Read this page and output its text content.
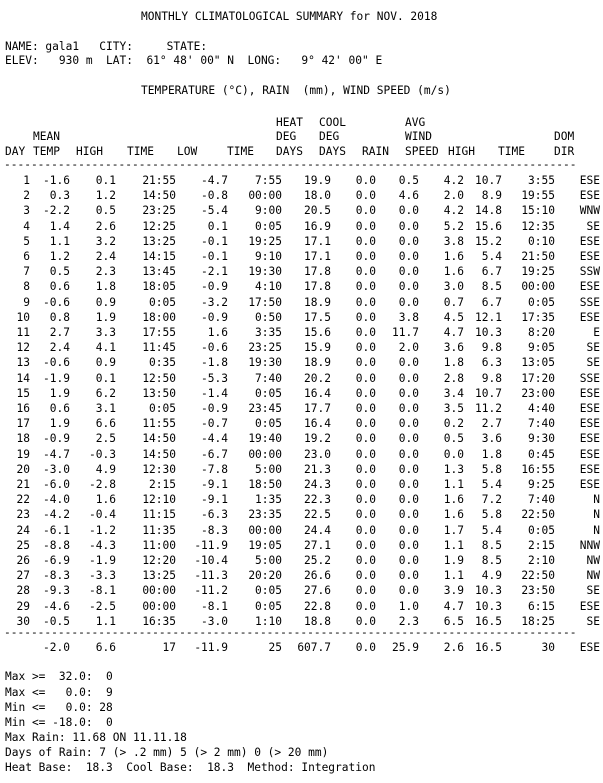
MONTHLY CLIMATOLOGICAL SUMMARY for NOV. 2018
NAME: gala1   CITY:     STATE:
ELEV:   930 m  LAT:  61° 48' 00" N  LONG:   9° 42' 00" E
TEMPERATURE (°C), RAIN  (mm), WIND SPEED (m/s)
HEAT COOL	AVG
MEAN	DEG DEG	WIND	DOM
DAY TEMP HIGH TIME LOW	TIME DAYS DAYS RAIN SPEED HIGH TIME	DIR
-------------------------------------------------------------------------------------
1	-1.6	0.1	21:55	-4.7	7:55	19.9	0.0	0.5	4.2	10.7	3:55	ESE
2	0.3	1.2	14:50	-0.8	00:00	18.0	0.0	4.6	2.0	8.9	19:55	ESE
3	-2.2	0.5	23:25	-5.4	9:00	20.5	0.0	0.0	4.2	14.8	15:10	WNW
4	1.4	2.6	12:25	0.1	0:05	16.9	0.0	0.0	5.2	15.6	12:35	SE
5	1.1	3.2	13:25	-0.1	19:25	17.1	0.0	0.0	3.8	15.2	0:10	ESE
6	1.2	2.4	14:15	-0.1	9:10	17.1	0.0	0.0	1.6	5.4	21:50	ESE
7	0.5	2.3	13:45	-2.1	19:30	17.8	0.0	0.0	1.6	6.7	19:25	SSW
8	0.6	1.8	18:05	-0.9	4:10	17.8	0.0	0.0	3.0	8.5	00:00	ESE
9	-0.6	0.9	0:05	-3.2	17:50	18.9	0.0	0.0	0.7	6.7	0:05	SSE
10	0.8	1.9	18:00	-0.9	0:50	17.5	0.0	3.8	4.5	12.1	17:35	ESE
11	2.7	3.3	17:55	1.6	3:35	15.6	0.0	11.7	4.7	10.3	8:20	E
12	2.4	4.1	11:45	-0.6	23:25	15.9	0.0	2.0	3.6	9.8	9:05	SE
13	-0.6	0.9	0:35	-1.8	19:30	18.9	0.0	0.0	1.8	6.3	13:05	SE
14	-1.9	0.1	12:50	-5.3	7:40	20.2	0.0	0.0	2.8	9.8	17:20	SSE
15	1.9	6.2	13:50	-1.4	0:05	16.4	0.0	0.0	3.4	10.7	23:00	ESE
16	0.6	3.1	0:05	-0.9	23:45	17.7	0.0	0.0	3.5	11.2	4:40	ESE
17	1.9	6.6	11:55	-0.7	0:05	16.4	0.0	0.0	0.2	2.7	7:40	ESE
18	-0.9	2.5	14:50	-4.4	19:40	19.2	0.0	0.0	0.5	3.6	9:30	ESE
19	-4.7	-0.3	14:50	-6.7	00:00	23.0	0.0	0.0	0.0	1.8	0:45	ESE
20	-3.0	4.9	12:30	-7.8	5:00	21.3	0.0	0.0	1.3	5.8	16:55	ESE
21	-6.0	-2.8	2:15	-9.1	18:50	24.3	0.0	0.0	1.1	5.4	9:25	ESE
22	-4.0	1.6	12:10	-9.1	1:35	22.3	0.0	0.0	1.6	7.2	7:40	N
23	-4.2	-0.4	11:15	-6.3	23:35	22.5	0.0	0.0	1.6	5.8	22:50	N
24	-6.1	-1.2	11:35	-8.3	00:00	24.4	0.0	0.0	1.7	5.4	0:05	N
25	-8.8	-4.3	11:00	-11.9	19:05	27.1	0.0	0.0	1.1	8.5	2:15	NNW
26	-6.9	-1.9	12:20	-10.4	5:00	25.2	0.0	0.0	1.9	8.5	2:10	NW
27	-8.3	-3.3	13:25	-11.3	20:20	26.6	0.0	0.0	1.1	4.9	22:50	NW
28	-9.3	-8.1	00:00	-11.2	0:05	27.6	0.0	0.0	3.9	10.3	23:50	SE
29	-4.6	-2.5	00:00	-8.1	0:05	22.8	0.0	1.0	4.7	10.3	6:15	ESE
30	-0.5	1.1	16:35	-3.0	1:10	18.8	0.0	2.3	6.5	16.5	18:25	SE
-------------------------------------------------------------------------------------
	-2.0	6.6	17	-11.9	25	607.7	0.0	25.9	2.6	16.5	30	ESE
Max >=  32.0:  0
Max <=   0.0:  9
Min <=   0.0: 28
Min <= -18.0:  0
Max Rain: 11.68 ON 11.11.18
Days of Rain: 7 (> .2 mm) 5 (> 2 mm) 0 (> 20 mm)
Heat Base:  18.3  Cool Base:  18.3  Method: Integration
